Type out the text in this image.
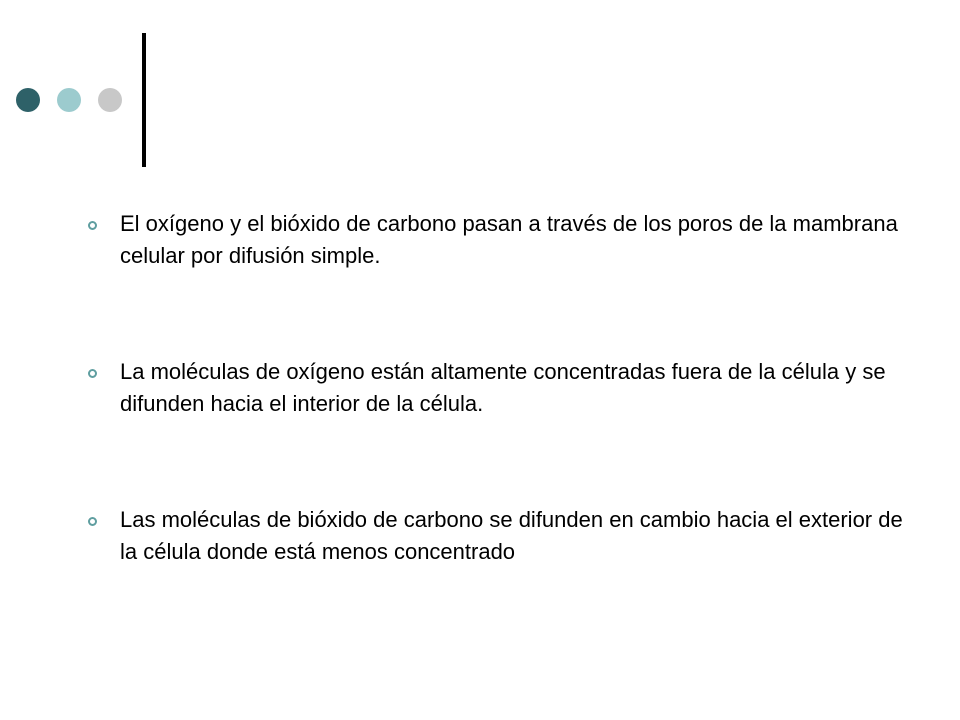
El oxígeno y el bióxido de carbono pasan a través de los poros de la mambrana celular por difusión simple.
La moléculas de oxígeno están altamente concentradas fuera de la célula y se difunden hacia el interior de la célula.
Las moléculas de bióxido de carbono se difunden en cambio hacia el exterior de la célula donde está menos concentrado
